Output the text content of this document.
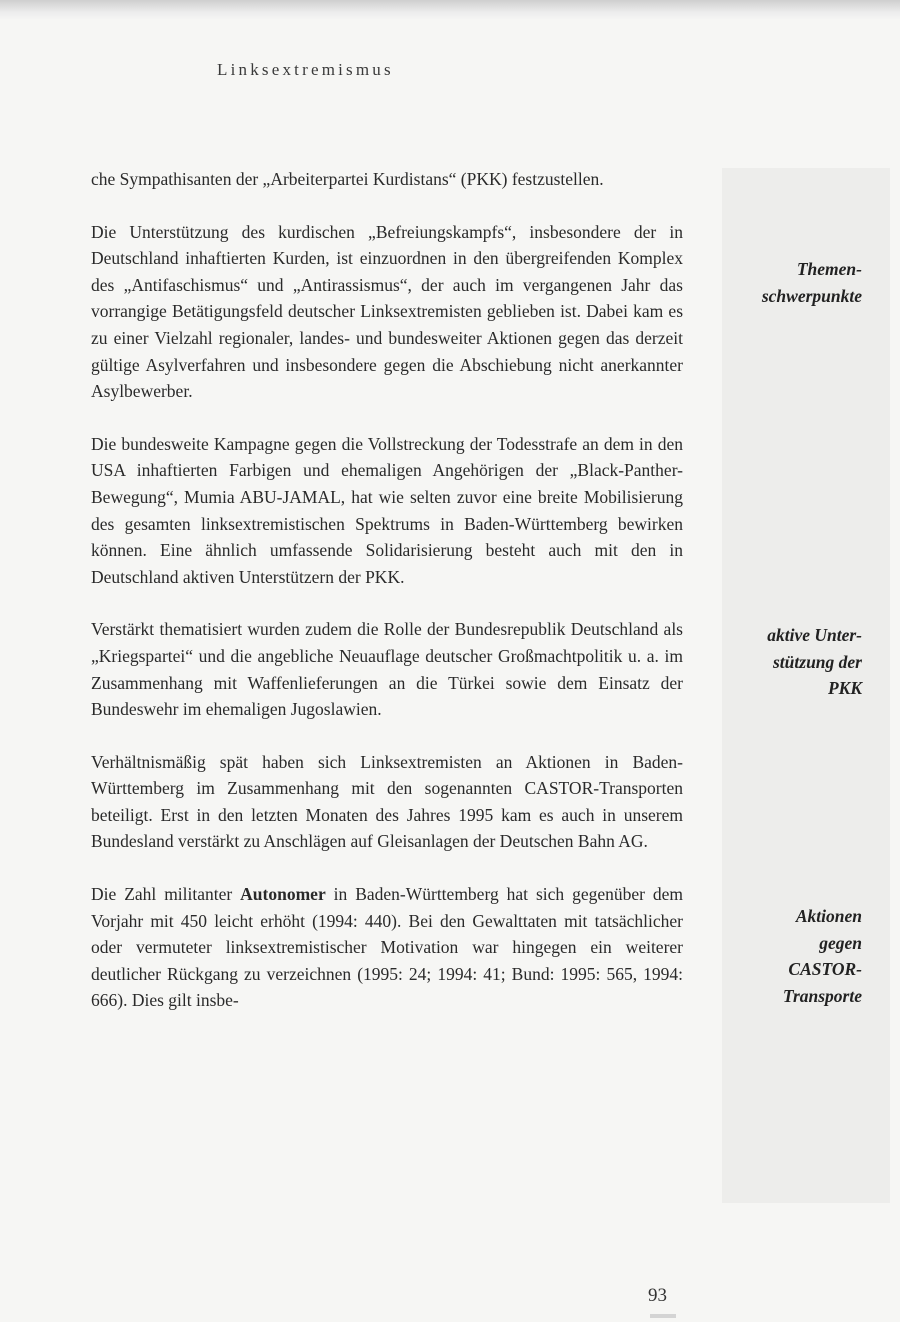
Linksextremismus

che Sympathisanten der „Arbeiterpartei Kurdistans“ (PKK) festzustellen.

Die Unterstützung des kurdischen „Befreiungskampfs“, insbesondere der in Deutschland inhaftierten Kurden, ist einzuordnen in den übergreifenden Komplex des „Antifaschismus“ und „Antirassismus“, der auch im vergangenen Jahr das vorrangige Betätigungsfeld deutscher Linksextremisten geblieben ist. Dabei kam es zu einer Vielzahl regionaler, landes- und bundesweiter Aktionen gegen das derzeit gültige Asylverfahren und insbesondere gegen die Abschiebung nicht anerkannter Asylbewerber.

Die bundesweite Kampagne gegen die Vollstreckung der Todesstrafe an dem in den USA inhaftierten Farbigen und ehemaligen Angehörigen der „Black-Panther-Bewegung“, Mumia ABU-JAMAL, hat wie selten zuvor eine breite Mobilisierung des gesamten linksextremistischen Spektrums in Baden-Württemberg bewirken können. Eine ähnlich umfassende Solidarisierung besteht auch mit den in Deutschland aktiven Unterstützern der PKK.

Verstärkt thematisiert wurden zudem die Rolle der Bundesrepublik Deutschland als „Kriegspartei“ und die angebliche Neuauflage deutscher Großmachtpolitik u. a. im Zusammenhang mit Waffenlieferungen an die Türkei sowie dem Einsatz der Bundeswehr im ehemaligen Jugoslawien.

Verhältnismäßig spät haben sich Linksextremisten an Aktionen in Baden-Württemberg im Zusammenhang mit den sogenannten CASTOR-Transporten beteiligt. Erst in den letzten Monaten des Jahres 1995 kam es auch in unserem Bundesland verstärkt zu Anschlägen auf Gleisanlagen der Deutschen Bahn AG.

Die Zahl militanter Autonomer in Baden-Württemberg hat sich gegenüber dem Vorjahr mit 450 leicht erhöht (1994: 440). Bei den Gewalttaten mit tatsächlicher oder vermuteter linksextremistischer Motivation war hingegen ein weiterer deutlicher Rückgang zu verzeichnen (1995: 24; 1994: 41; Bund: 1995: 565, 1994: 666). Dies gilt insbe-

Themen-
schwerpunkte
aktive Unter-
stützung der
PKK
Aktionen
gegen
CASTOR-
Transporte
93
